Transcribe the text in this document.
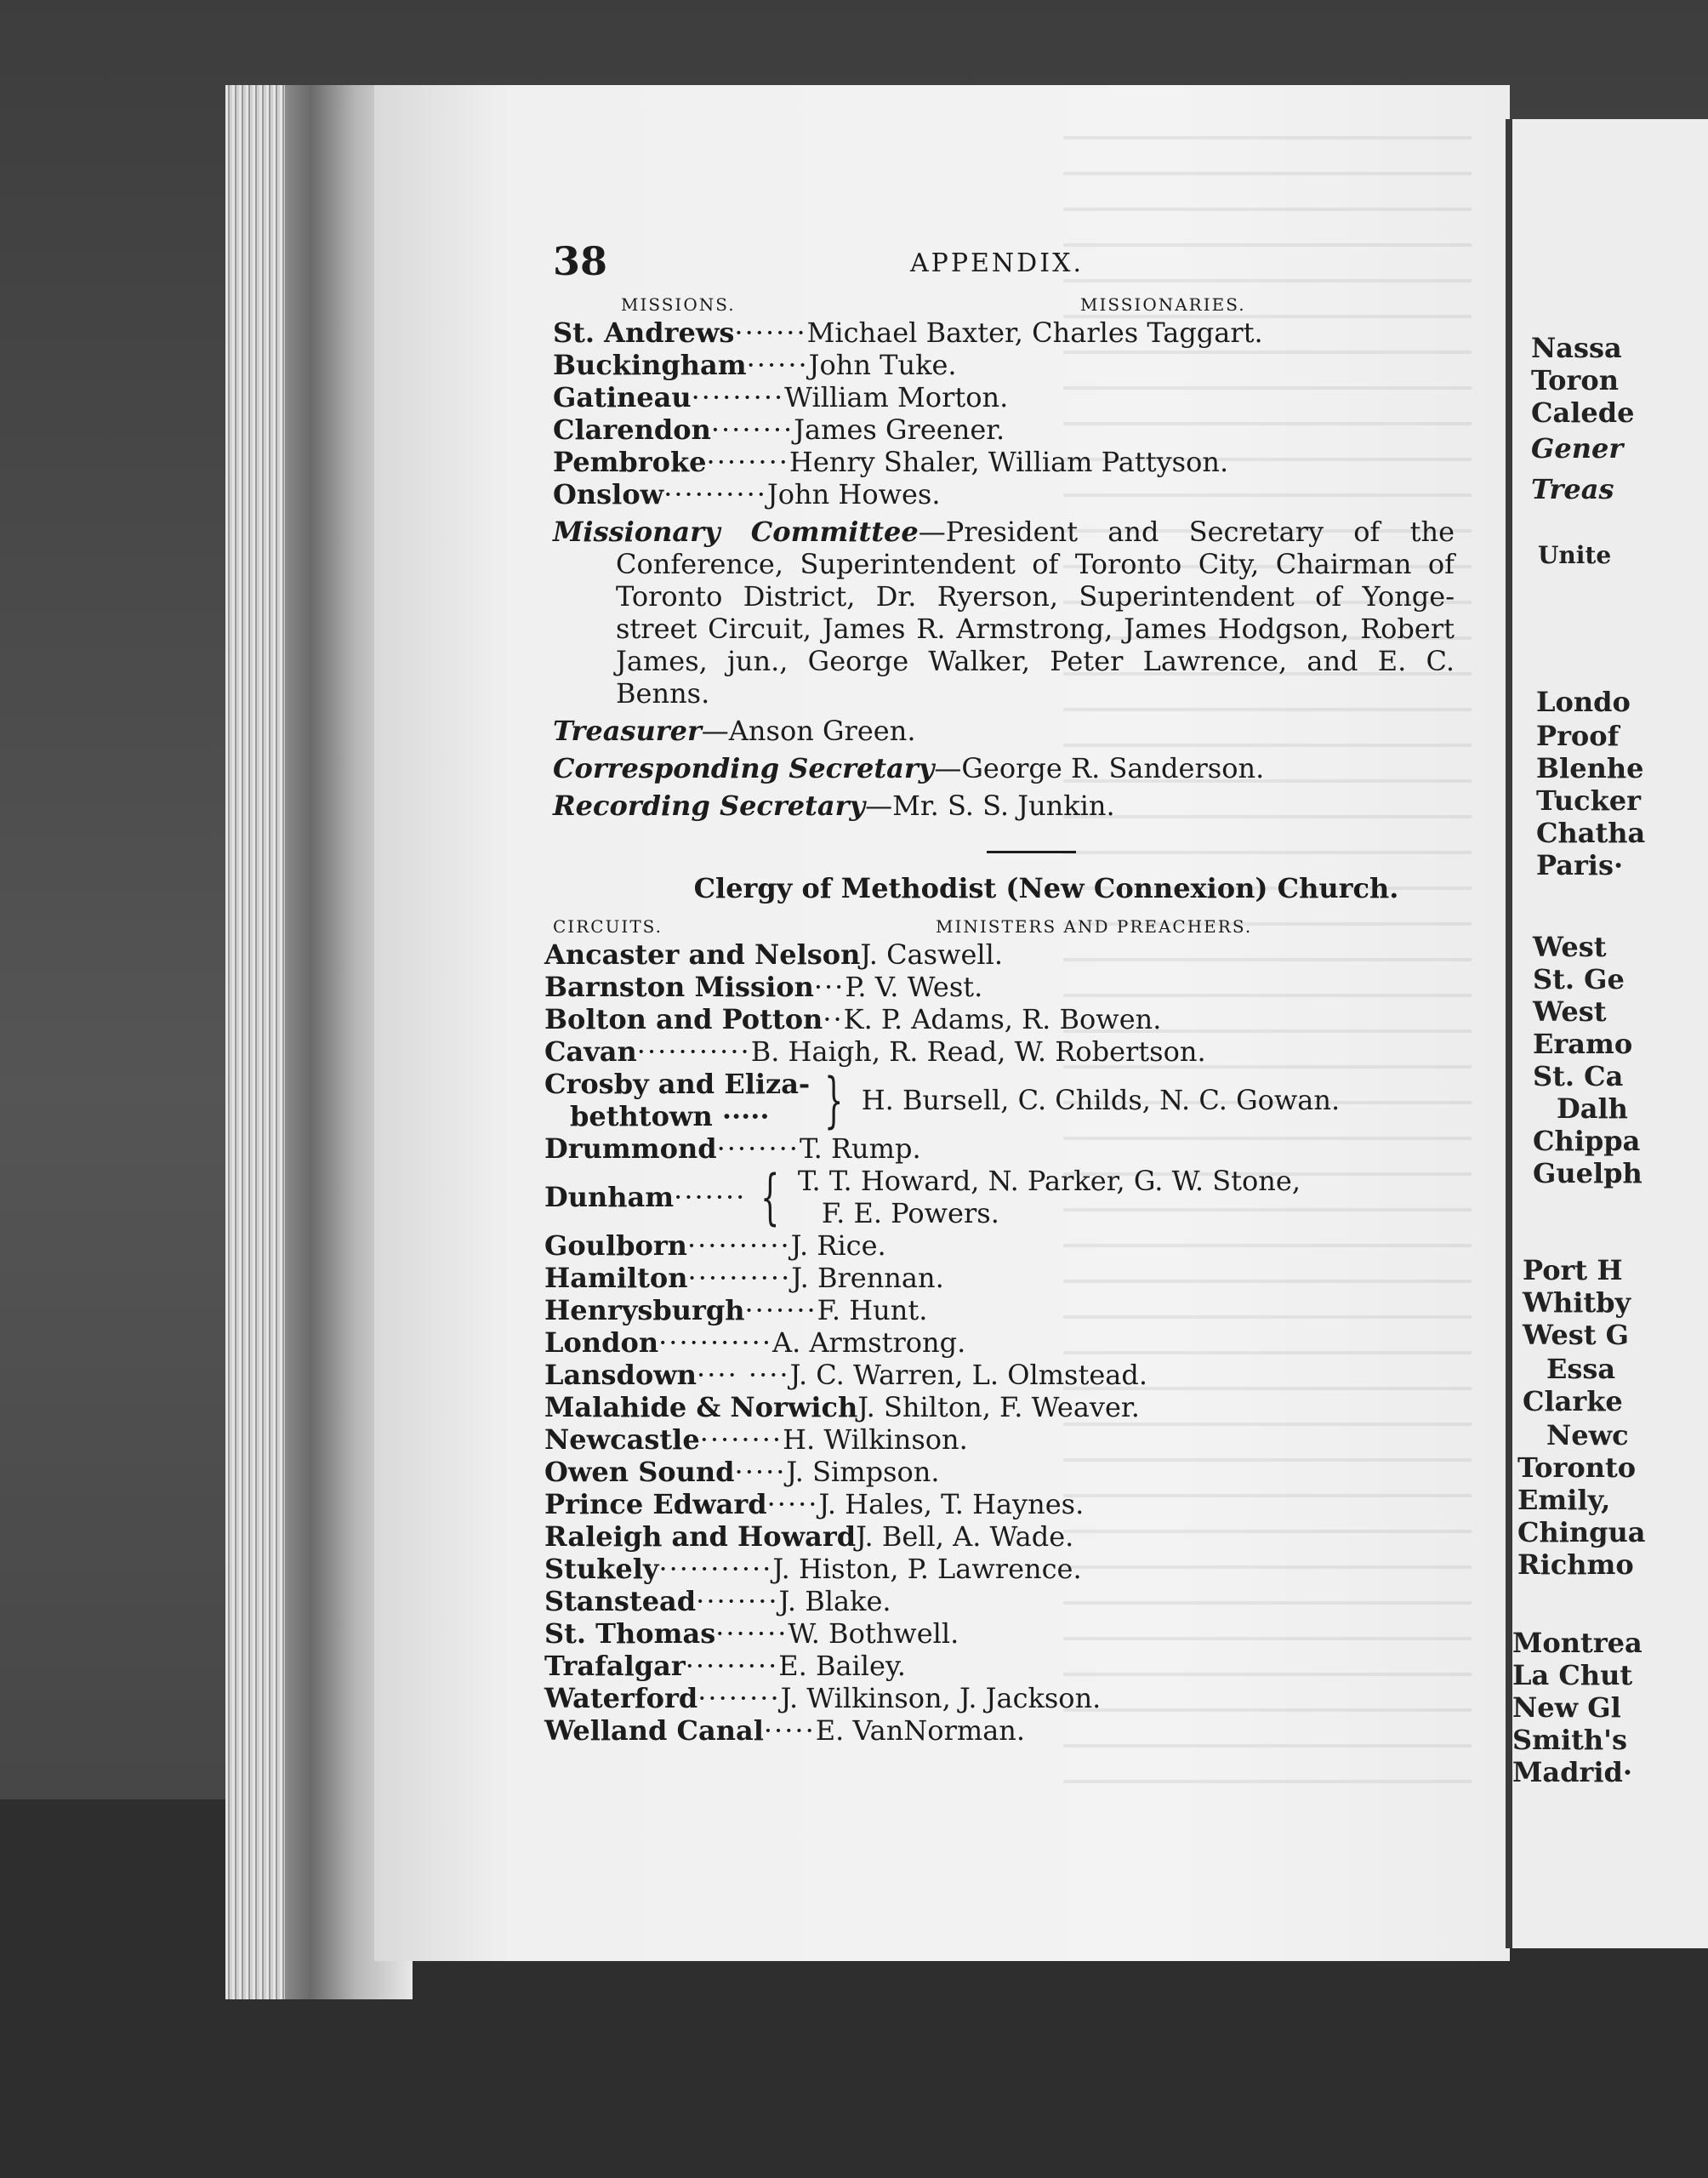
38	APPENDIX.
MISSIONS.	MISSIONARIES.
St. Andrews ······· Michael Baxter, Charles Taggart.
Buckingham ······ John Tuke.
Gatineau ········· William Morton.
Clarendon ········ James Greener.
Pembroke ········ Henry Shaler, William Pattyson.
Onslow ·········· John Howes.
Missionary Committee—President and Secretary of the Conference, Superintendent of Toronto City, Chairman of Toronto District, Dr. Ryerson, Superintendent of Yonge-street Circuit, James R. Armstrong, James Hodgson, Robert James, jun., George Walker, Peter Lawrence, and E. C. Benns.
Treasurer—Anson Green.
Corresponding Secretary—George R. Sanderson.
Recording Secretary—Mr. S. S. Junkin.
Clergy of Methodist (New Connexion) Church.
CIRCUITS.	MINISTERS AND PREACHERS.
Ancaster and Nelson J. Caswell.
Barnston Mission ··· P. V. West.
Bolton and Potton ·· K. P. Adams, R. Bowen.
Cavan ··········· B. Haigh, R. Read, W. Robertson.
Crosby and Eliza-
bethtown ····· } H. Bursell, C. Childs, N. C. Gowan.
Drummond ········ T. Rump.
Dunham ······· { T. T. Howard, N. Parker, G. W. Stone,
F. E. Powers.
Goulborn ·········· J. Rice.
Hamilton ·········· J. Brennan.
Henrysburgh ······· F. Hunt.
London ··········· A. Armstrong.
Lansdown ···· ···· J. C. Warren, L. Olmstead.
Malahide & Norwich J. Shilton, F. Weaver.
Newcastle ········ H. Wilkinson.
Owen Sound ····· J. Simpson.
Prince Edward ····· J. Hales, T. Haynes.
Raleigh and Howard J. Bell, A. Wade.
Stukely ··········· J. Histon, P. Lawrence.
Stanstead ········ J. Blake.
St. Thomas ······· W. Bothwell.
Trafalgar ········· E. Bailey.
Waterford ········ J. Wilkinson, J. Jackson.
Welland Canal ····· E. VanNorman.
Nassa
Toron
Calede
Gener
Treas
Unite
Londo
Proof
Blenhe
Tucker
Chatha
Paris·
West
St. Ge
West
Eramo
St. Ca
Dalh
Chippa
Guelph
Port H
Whitby
West G
Essa
Clarke
Newc
Toronto
Emily,
Chingua
Richmo
Montrea
La Chut
New Gl
Smith's
Madrid·
